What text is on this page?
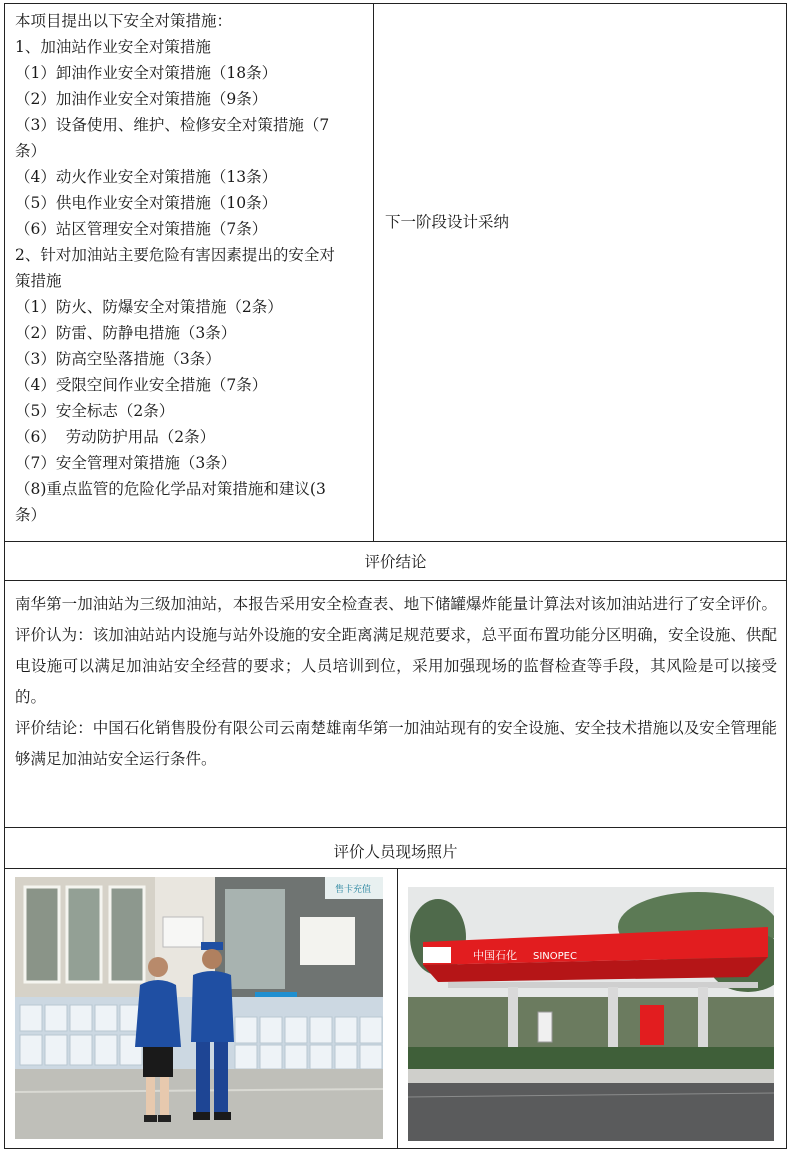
本项目提出以下安全对策措施：
1、加油站作业安全对策措施
（1）卸油作业安全对策措施（18条）
（2）加油作业安全对策措施（9条）
（3）设备使用、维护、检修安全对策措施（7
条）
（4）动火作业安全对策措施（13条）
（5）供电作业安全对策措施（10条）
（6）站区管理安全对策措施（7条）
2、针对加油站主要危险有害因素提出的安全对
策措施
（1）防火、防爆安全对策措施（2条）
（2）防雷、防静电措施（3条）
（3）防高空坠落措施（3条）
（4）受限空间作业安全措施（7条）
（5）安全标志（2条）
（6）  劳动防护用品（2条）
（7）安全管理对策措施（3条）
（8)重点监管的危险化学品对策措施和建议(3
条）
下一阶段设计采纳
评价结论

南华第一加油站为三级加油站，本报告采用安全检查表、地下储罐爆炸能量计算法对该加油站进行了安全评价。评价认为：该加油站站内设施与站外设施的安全距离满足规范要求，总平面布置功能分区明确，安全设施、供配电设施可以满足加油站安全经营的要求；人员培训到位，采用加强现场的监督检查等手段，其风险是可以接受的。

评价结论：中国石化销售股份有限公司云南楚雄南华第一加油站现有的安全设施、安全技术措施以及安全管理能够满足加油站安全运行条件。

评价人员现场照片
售卡充值
中国石化 SINOPEC
